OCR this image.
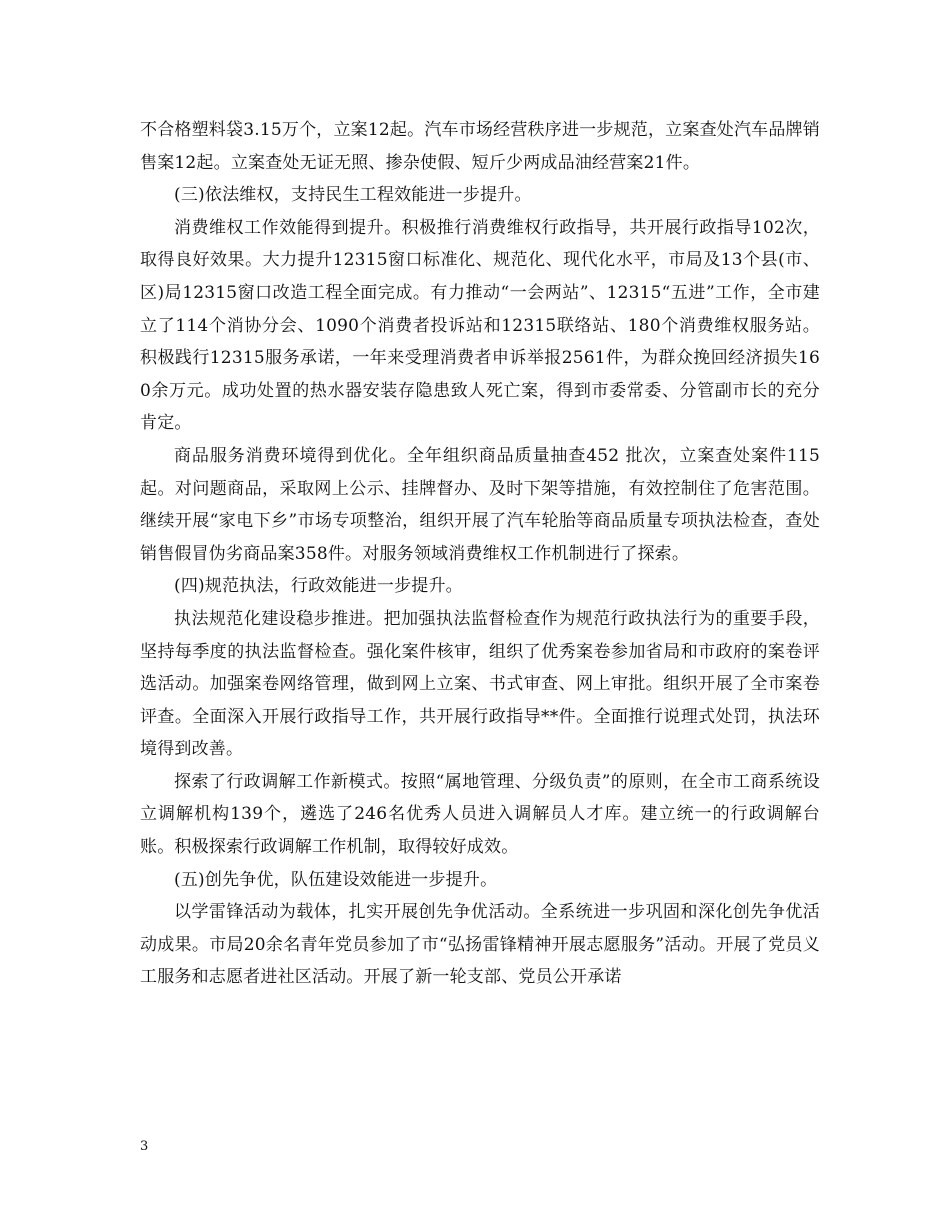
不合格塑料袋3.15万个，立案12起。汽车市场经营秩序进一步规范，立案查处汽车品牌销售案12起。立案查处无证无照、掺杂使假、短斤少两成品油经营案21件。

(三)依法维权，支持民生工程效能进一步提升。

消费维权工作效能得到提升。积极推行消费维权行政指导，共开展行政指导102次，取得良好效果。大力提升12315窗口标准化、规范化、现代化水平，市局及13个县(市、区)局12315窗口改造工程全面完成。有力推动“一会两站”、12315“五进”工作，全市建立了114个消协分会、1090个消费者投诉站和12315联络站、180个消费维权服务站。积极践行12315服务承诺，一年来受理消费者申诉举报2561件，为群众挽回经济损失160余万元。成功处置的热水器安装存隐患致人死亡案，得到市委常委、分管副市长的充分肯定。

商品服务消费环境得到优化。全年组织商品质量抽查452 批次，立案查处案件115起。对问题商品，采取网上公示、挂牌督办、及时下架等措施，有效控制住了危害范围。继续开展“家电下乡”市场专项整治，组织开展了汽车轮胎等商品质量专项执法检查，查处销售假冒伪劣商品案358件。对服务领域消费维权工作机制进行了探索。

(四)规范执法，行政效能进一步提升。

执法规范化建设稳步推进。把加强执法监督检查作为规范行政执法行为的重要手段，坚持每季度的执法监督检查。强化案件核审，组织了优秀案卷参加省局和市政府的案卷评选活动。加强案卷网络管理，做到网上立案、书式审查、网上审批。组织开展了全市案卷评查。全面深入开展行政指导工作，共开展行政指导**件。全面推行说理式处罚，执法环境得到改善。

探索了行政调解工作新模式。按照“属地管理、分级负责”的原则，在全市工商系统设立调解机构139个，遴选了246名优秀人员进入调解员人才库。建立统一的行政调解台账。积极探索行政调解工作机制，取得较好成效。

(五)创先争优，队伍建设效能进一步提升。

以学雷锋活动为载体，扎实开展创先争优活动。全系统进一步巩固和深化创先争优活动成果。市局20余名青年党员参加了市“弘扬雷锋精神开展志愿服务”活动。开展了党员义工服务和志愿者进社区活动。开展了新一轮支部、党员公开承诺

3
